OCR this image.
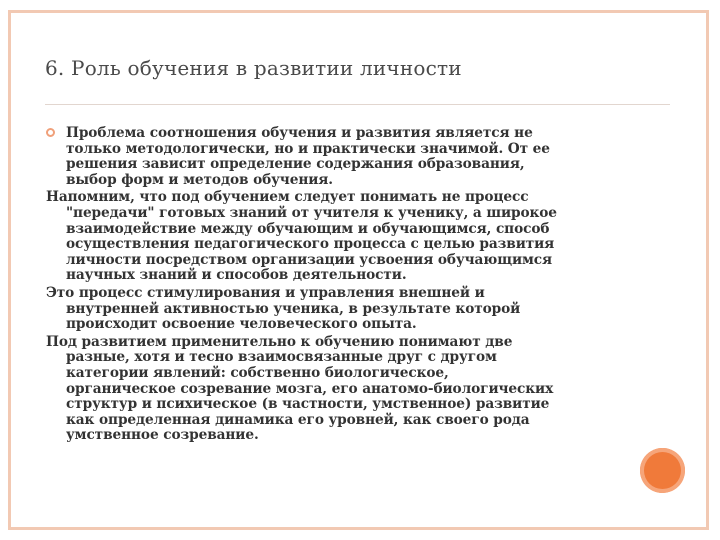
6. Роль обучения в развитии личности

Проблема соотношения обучения и развития является не
только методологически, но и практически значимой. От ее
решения зависит определение содержания образования,
выбор форм и методов обучения.

Напомним, что под обучением следует понимать не процесс
"передачи" готовых знаний от учителя к ученику, а широкое
взаимодействие между обучающим и обучающимся, способ
осуществления педагогического процесса с целью развития
личности посредством организации усвоения обучающимся
научных знаний и способов деятельности.

Это процесс стимулирования и управления внешней и
внутренней активностью ученика, в результате которой
происходит освоение человеческого опыта.

Под развитием применительно к обучению понимают две
разные, хотя и тесно взаимосвязанные друг с другом
категории явлений: собственно биологическое,
органическое созревание мозга, его анатомо-биологических
структур и психическое (в частности, умственное) развитие
как определенная динамика его уровней, как своего рода
умственное созревание.
